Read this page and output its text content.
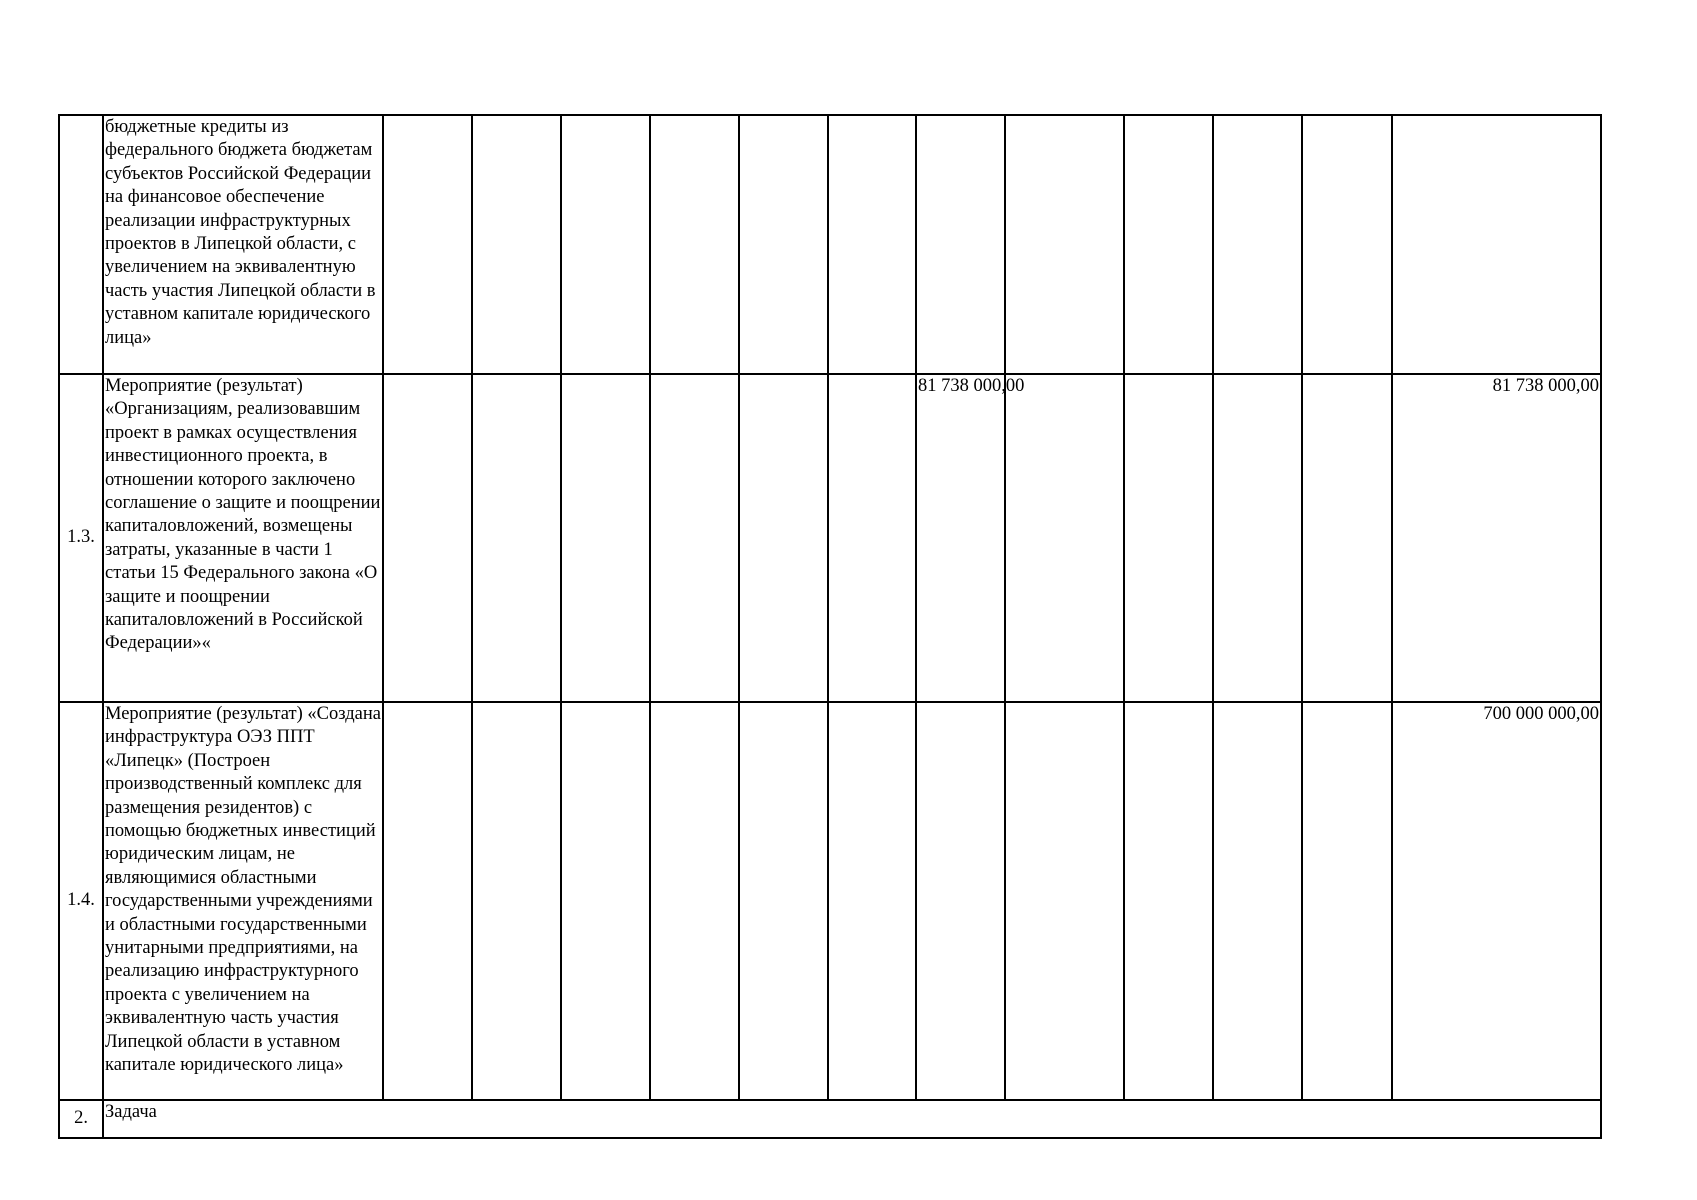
	бюджетные кредиты из федерального бюджета бюджетам субъектов Российской Федерации на финансовое обеспечение реализации инфраструктурных проектов в Липецкой области, с увеличением на эквивалентную часть участия Липецкой области в уставном капитале юридического лица»												
1.3.	Мероприятие (результат) «Организациям, реализовавшим проект в рамках осуществления инвестиционного проекта, в отношении которого заключено соглашение о защите и поощрении капиталовложений, возмещены затраты, указанные в части 1 статьи 15 Федерального закона «О защите и поощрении капиталовложений в Российской Федерации»«							81 738 000,00					81 738 000,00
1.4.	Мероприятие (результат) «Создана инфраструктура ОЭЗ ППТ «Липецк» (Построен производственный комплекс для размещения резидентов) с помощью бюджетных инвестиций юридическим лицам, не являющимися областными государственными учреждениями и областными государственными унитарными предприятиями, на реализацию инфраструктурного проекта с увеличением на эквивалентную часть участия Липецкой области в уставном капитале юридического лица»												700 000 000,00
2.	Задача												
